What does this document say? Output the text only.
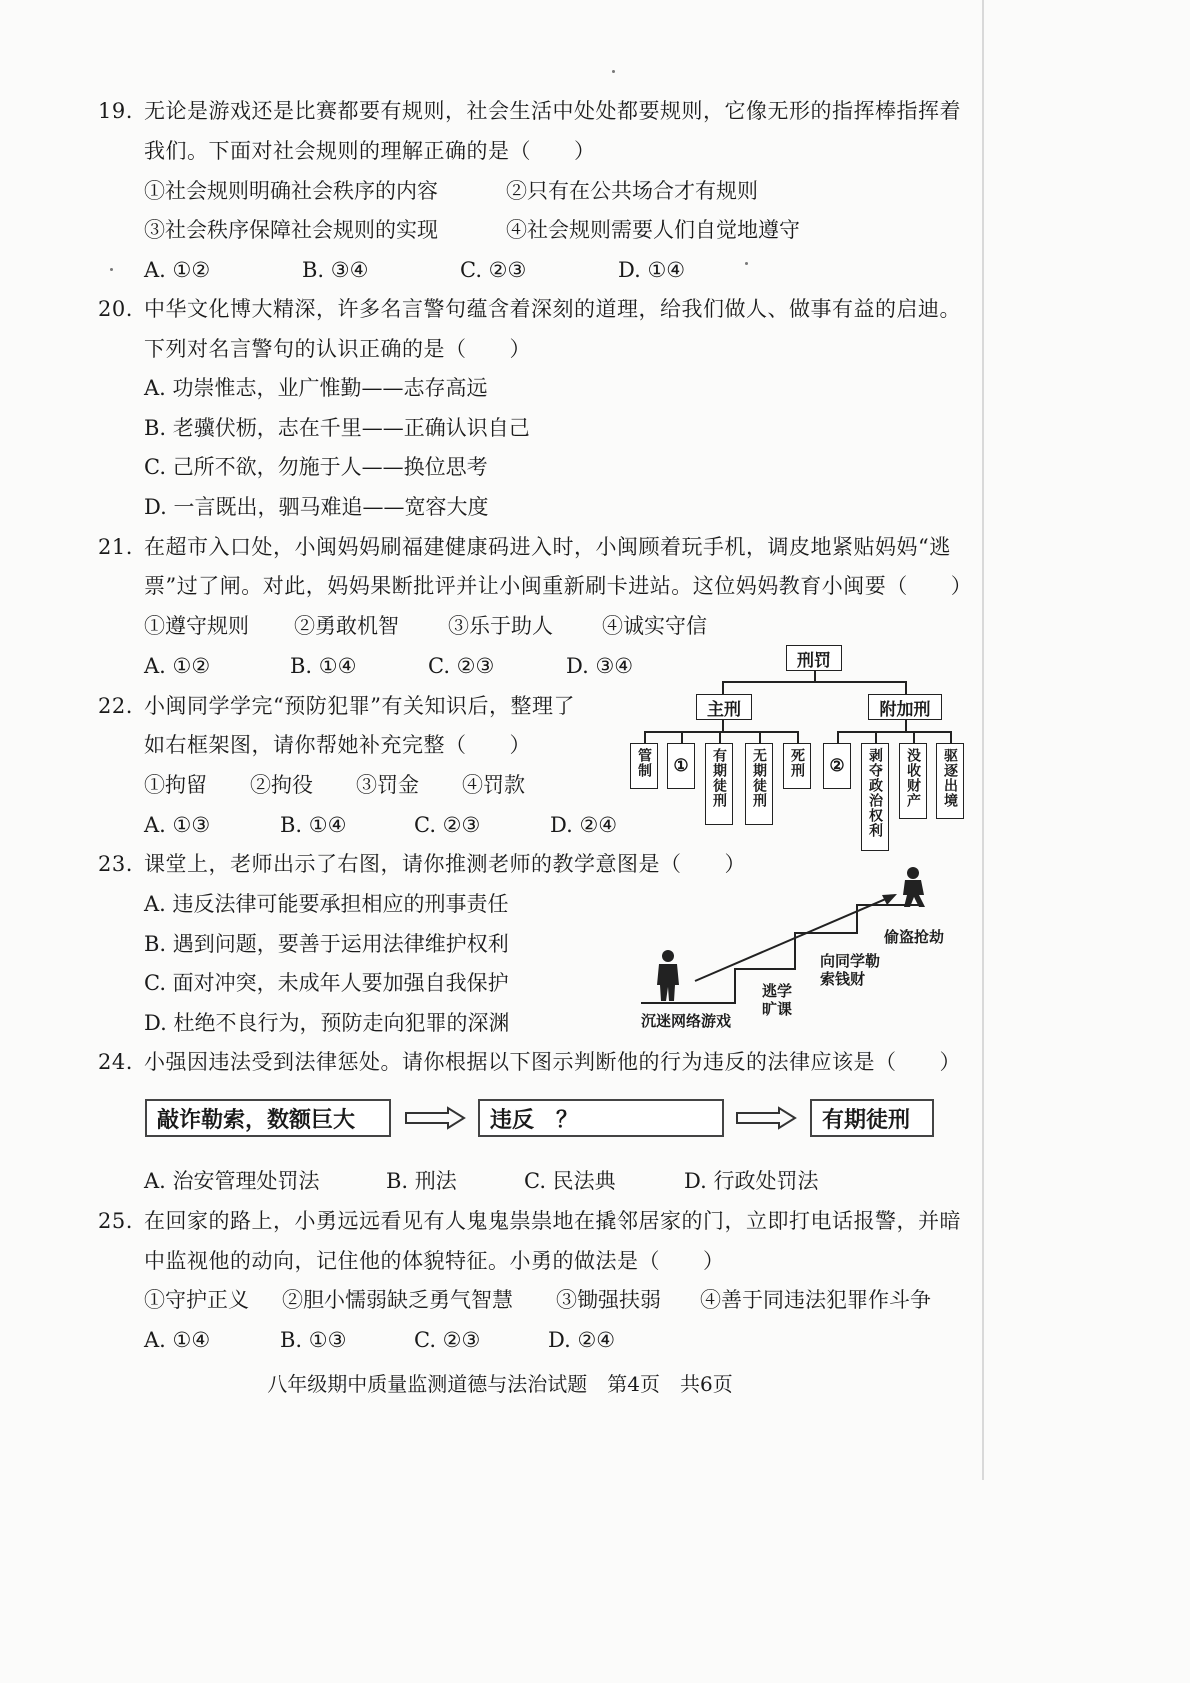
19. 无论是游戏还是比赛都要有规则，社会生活中处处都要规则，它像无形的指挥棒指挥着
我们。下面对社会规则的理解正确的是（　　）
①社会规则明确社会秩序的内容	②只有在公共场合才有规则
③社会秩序保障社会规则的实现	④社会规则需要人们自觉地遵守
A. ①②	B. ③④	C. ②③	D. ①④
20. 中华文化博大精深，许多名言警句蕴含着深刻的道理，给我们做人、做事有益的启迪。
下列对名言警句的认识正确的是（　　）
A. 功崇惟志，业广惟勤——志存高远
B. 老骥伏枥，志在千里——正确认识自己
C. 己所不欲，勿施于人——换位思考
D. 一言既出，驷马难追——宽容大度
21. 在超市入口处，小闽妈妈刷福建健康码进入时，小闽顾着玩手机，调皮地紧贴妈妈“逃
票”过了闸。对此，妈妈果断批评并让小闽重新刷卡进站。这位妈妈教育小闽要（　　）
①遵守规则 ②勇敢机智 ③乐于助人 ④诚实守信
A. ①②	B. ①④	C. ②③	D. ③④
22. 小闽同学学完“预防犯罪”有关知识后，整理了
如右框架图，请你帮她补充完整（　　）
①拘留 ②拘役 ③罚金 ④罚款
A. ①③	B. ①④	C. ②③	D. ②④
刑罚
主刑	附加刑
管制	①	有期徒刑	无期徒刑	死刑	②	剥夺政治权利	没收财产	驱逐出境
23. 课堂上，老师出示了右图，请你推测老师的教学意图是（　　）
A. 违反法律可能要承担相应的刑事责任
B. 遇到问题，要善于运用法律维护权利
C. 面对冲突，未成年人要加强自我保护
D. 杜绝不良行为，预防走向犯罪的深渊	沉迷网络游戏
逃学旷课
向同学勒索钱财
偷盗抢劫
24. 小强因违法受到法律惩处。请你根据以下图示判断他的行为违反的法律应该是（　　）
敲诈勒索，数额巨大	违反　？	有期徒刑
A. 治安管理处罚法	B. 刑法	C. 民法典	D. 行政处罚法
25. 在回家的路上，小勇远远看见有人鬼鬼祟祟地在撬邻居家的门，立即打电话报警，并暗
中监视他的动向，记住他的体貌特征。小勇的做法是（　　）
①守护正义 ②胆小懦弱缺乏勇气智慧 ③锄强扶弱 ④善于同违法犯罪作斗争
A. ①④	B. ①③	C. ②③	D. ②④
八年级期中质量监测道德与法治试题　第4页　共6页
